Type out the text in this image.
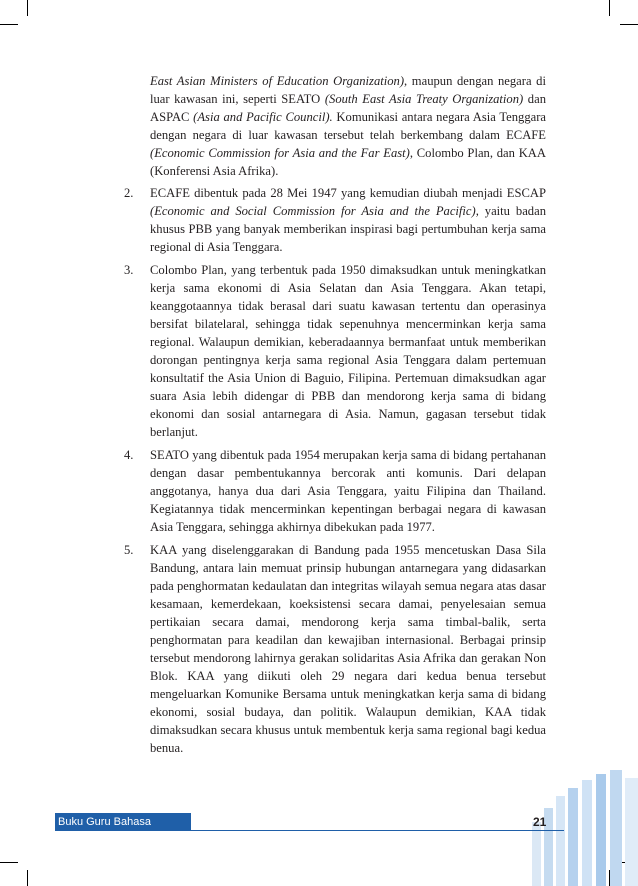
East Asian Ministers of Education Organization), maupun dengan negara di luar kawasan ini, seperti SEATO (South East Asia Treaty Organization) dan ASPAC (Asia and Pacific Council). Komunikasi antara negara Asia Tenggara dengan negara di luar kawasan tersebut telah berkembang dalam ECAFE (Economic Commission for Asia and the Far East), Colombo Plan, dan KAA (Konferensi Asia Afrika).

2. ECAFE dibentuk pada 28 Mei 1947 yang kemudian diubah menjadi ESCAP (Economic and Social Commission for Asia and the Pacific), yaitu badan khusus PBB yang banyak memberikan inspirasi bagi pertumbuhan kerja sama regional di Asia Tenggara.

3. Colombo Plan, yang terbentuk pada 1950 dimaksudkan untuk meningkatkan kerja sama ekonomi di Asia Selatan dan Asia Tenggara. Akan tetapi, keanggotaannya tidak berasal dari suatu kawasan tertentu dan operasinya bersifat bilatelaral, sehingga tidak sepenuhnya mencerminkan kerja sama regional. Walaupun demikian, keberadaannya bermanfaat untuk memberikan dorongan pentingnya kerja sama regional Asia Tenggara dalam pertemuan konsultatif the Asia Union di Baguio, Filipina. Pertemuan dimaksudkan agar suara Asia lebih didengar di PBB dan mendorong kerja sama di bidang ekonomi dan sosial antarnegara di Asia. Namun, gagasan tersebut tidak berlanjut.

4. SEATO yang dibentuk pada 1954 merupakan kerja sama di bidang pertahanan dengan dasar pembentukannya bercorak anti komunis. Dari delapan anggotanya, hanya dua dari Asia Tenggara, yaitu Filipina dan Thailand. Kegiatannya tidak mencerminkan kepentingan berbagai negara di kawasan Asia Tenggara, sehingga akhirnya dibekukan pada 1977.

5. KAA yang diselenggarakan di Bandung pada 1955 mencetuskan Dasa Sila Bandung, antara lain memuat prinsip hubungan antarnegara yang didasarkan pada penghormatan kedaulatan dan integritas wilayah semua negara atas dasar kesamaan, kemerdekaan, koeksistensi secara damai, penyelesaian semua pertikaian secara damai, mendorong kerja sama timbal-balik, serta penghormatan para keadilan dan kewajiban internasional. Berbagai prinsip tersebut mendorong lahirnya gerakan solidaritas Asia Afrika dan gerakan Non Blok. KAA yang diikuti oleh 29 negara dari kedua benua tersebut mengeluarkan Komunike Bersama untuk meningkatkan kerja sama di bidang ekonomi, sosial budaya, dan politik. Walaupun demikian, KAA tidak dimaksudkan secara khusus untuk membentuk kerja sama regional bagi kedua benua.

Buku Guru Bahasa Indonesia
21
